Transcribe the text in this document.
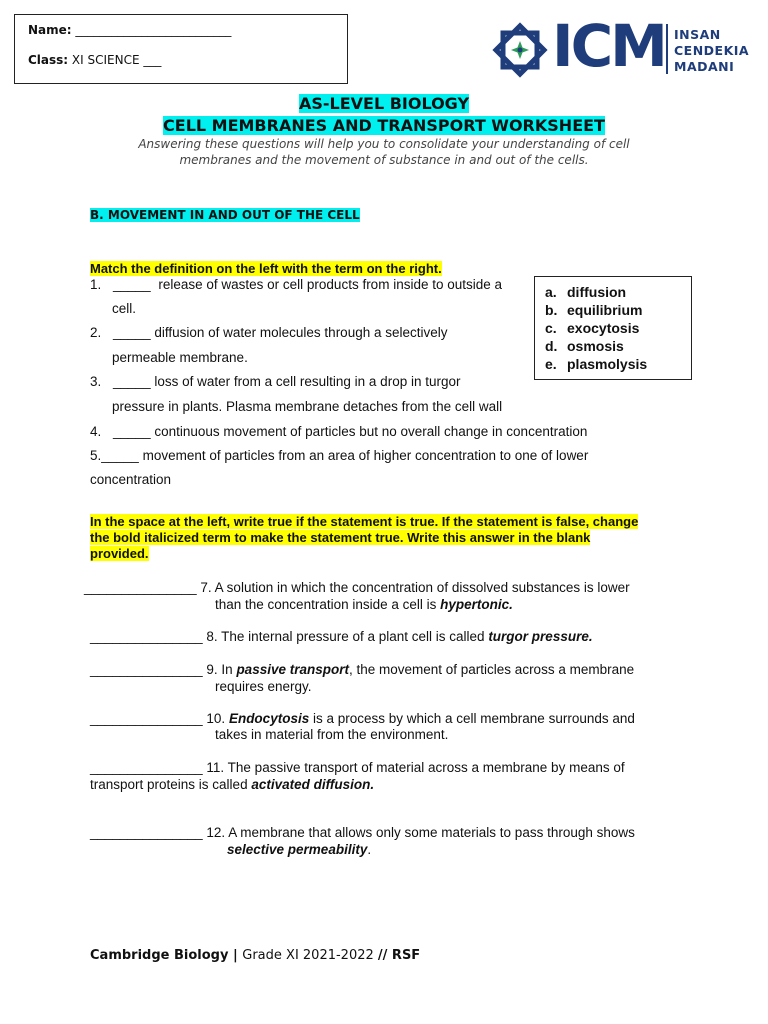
Name: __________________________
Class: XI SCIENCE ___	ICM INSAN
CENDEKIA
MADANI
AS-LEVEL BIOLOGY
CELL MEMBRANES AND TRANSPORT WORKSHEET
Answering these questions will help you to consolidate your understanding of cell
membranes and the movement of substance in and out of the cells.
B. MOVEMENT IN AND OUT OF THE CELL
Match the definition on the left with the term on the right.
1. _____ release of wastes or cell products from inside to outside a
cell.
2. _____ diffusion of water molecules through a selectively
permeable membrane.
3. _____ loss of water from a cell resulting in a drop in turgor
pressure in plants. Plasma membrane detaches from the cell wall
4. _____ continuous movement of particles but no overall change in concentration
5._____ movement of particles from an area of higher concentration to one of lower
concentration
a. diffusion
b. equilibrium
c. exocytosis
d. osmosis
e. plasmolysis
In the space at the left, write true if the statement is true. If the statement is false, change
the bold italicized term to make the statement true. Write this answer in the blank
provided.
_______________ 7. A solution in which the concentration of dissolved substances is lower
than the concentration inside a cell is hypertonic.
_______________ 8. The internal pressure of a plant cell is called turgor pressure.
_______________ 9. In passive transport, the movement of particles across a membrane
requires energy.
_______________ 10. Endocytosis is a process by which a cell membrane surrounds and
takes in material from the environment.
_______________ 11. The passive transport of material across a membrane by means of
transport proteins is called activated diffusion.
_______________ 12. A membrane that allows only some materials to pass through shows
selective permeability.
Cambridge Biology | Grade XI 2021-2022 // RSF
